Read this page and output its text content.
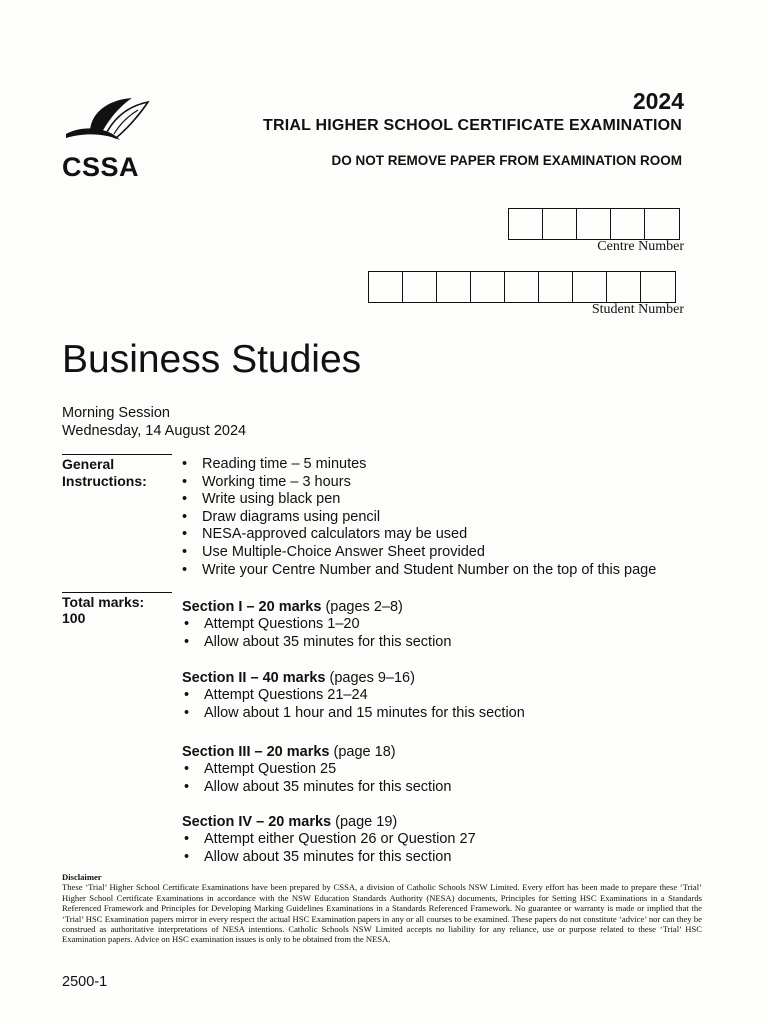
CSSA
2024
TRIAL HIGHER SCHOOL CERTIFICATE EXAMINATION
DO NOT REMOVE PAPER FROM EXAMINATION ROOM
Centre Number
Student Number
Business Studies
Morning Session
Wednesday, 14 August 2024
General
Instructions:
• Reading time – 5 minutes
• Working time – 3 hours
• Write using black pen
• Draw diagrams using pencil
• NESA-approved calculators may be used
• Use Multiple-Choice Answer Sheet provided
• Write your Centre Number and Student Number on the top of this page
Total marks:
100
Section I – 20 marks (pages 2–8)
• Attempt Questions 1–20
• Allow about 35 minutes for this section
Section II – 40 marks (pages 9–16)
• Attempt Questions 21–24
• Allow about 1 hour and 15 minutes for this section
Section III – 20 marks (page 18)
• Attempt Question 25
• Allow about 35 minutes for this section
Section IV – 20 marks (page 19)
• Attempt either Question 26 or Question 27
• Allow about 35 minutes for this section
Disclaimer
These ‘Trial’ Higher School Certificate Examinations have been prepared by CSSA, a division of Catholic Schools NSW Limited. Every effort has been made to prepare these ‘Trial’ Higher School Certificate Examinations in accordance with the NSW Education Standards Authority (NESA) documents, Principles for Setting HSC Examinations in a Standards Referenced Framework and Principles for Developing Marking Guidelines Examinations in a Standards Referenced Framework. No guarantee or warranty is made or implied that the ‘Trial’ HSC Examination papers mirror in every respect the actual HSC Examination papers in any or all courses to be examined. These papers do not constitute ‘advice’ nor can they be construed as authoritative interpretations of NESA intentions. Catholic Schools NSW Limited accepts no liability for any reliance, use or purpose related to these ‘Trial’ HSC Examination papers. Advice on HSC examination issues is only to be obtained from the NESA.
2500-1
